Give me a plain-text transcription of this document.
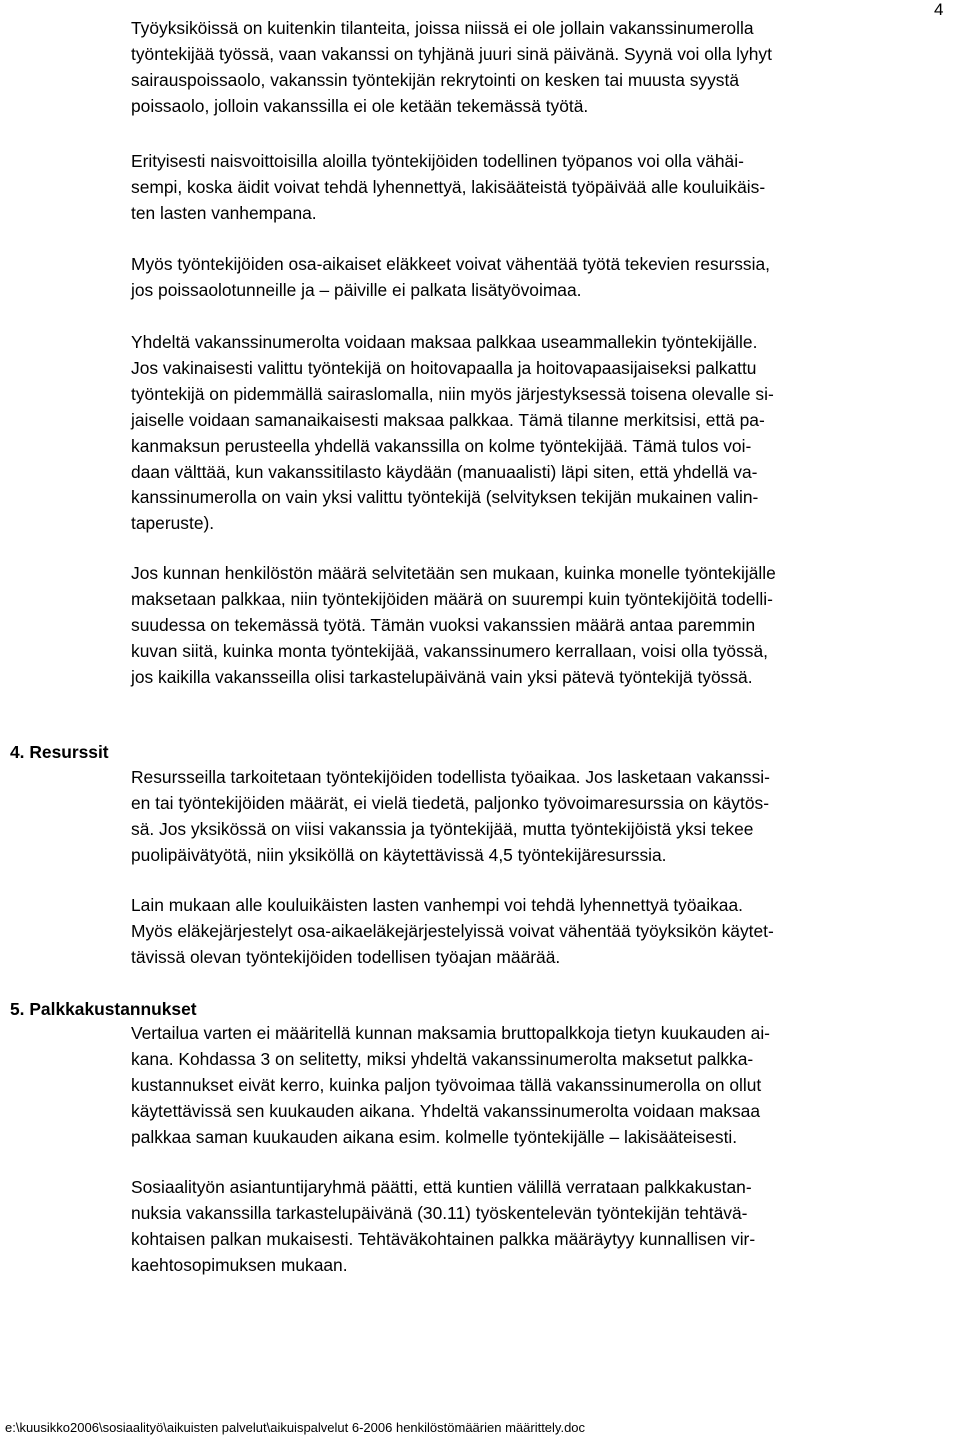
4
Työyksiköissä on kuitenkin tilanteita, joissa niissä ei ole jollain vakanssinumerolla
työntekijää työssä, vaan vakanssi on tyhjänä juuri sinä päivänä. Syynä voi olla lyhyt
sairauspoissaolo, vakanssin työntekijän rekrytointi on kesken tai muusta syystä
poissaolo, jolloin vakanssilla ei ole ketään tekemässä työtä.
Erityisesti naisvoittoisilla aloilla työntekijöiden todellinen työpanos voi olla vähäi-
sempi, koska äidit voivat tehdä lyhennettyä, lakisääteistä työpäivää alle kouluikäis-
ten lasten vanhempana.
Myös työntekijöiden osa-aikaiset eläkkeet voivat vähentää työtä tekevien resurssia,
jos poissaolotunneille ja – päiville ei palkata lisätyövoimaa.
Yhdeltä vakanssinumerolta voidaan maksaa palkkaa useammallekin työntekijälle.
Jos vakinaisesti valittu työntekijä on hoitovapaalla ja hoitovapaasijaiseksi palkattu
työntekijä on pidemmällä sairaslomalla, niin myös järjestyksessä toisena olevalle si-
jaiselle voidaan samanaikaisesti maksaa palkkaa. Tämä tilanne merkitsisi, että pa-
kanmaksun perusteella yhdellä vakanssilla on kolme työntekijää. Tämä tulos voi-
daan välttää, kun vakanssitilasto käydään (manuaalisti) läpi siten, että yhdellä va-
kanssinumerolla on vain yksi valittu työntekijä (selvityksen tekijän mukainen valin-
taperuste).
Jos kunnan henkilöstön määrä selvitetään sen mukaan, kuinka monelle työntekijälle
maksetaan palkkaa, niin työntekijöiden määrä on suurempi kuin työntekijöitä todelli-
suudessa on tekemässä työtä. Tämän vuoksi vakanssien määrä antaa paremmin
kuvan siitä, kuinka monta työntekijää, vakanssinumero kerrallaan, voisi olla työssä,
jos kaikilla vakansseilla olisi tarkastelupäivänä vain yksi pätevä työntekijä työssä.
4. Resurssit
Resursseilla tarkoitetaan työntekijöiden todellista työaikaa. Jos lasketaan vakanssi-
en tai työntekijöiden määrät, ei vielä tiedetä, paljonko työvoimaresurssia on käytös-
sä. Jos yksikössä on viisi vakanssia ja työntekijää, mutta työntekijöistä yksi tekee
puolipäivätyötä, niin yksiköllä on käytettävissä 4,5 työntekijäresurssia.
Lain mukaan alle kouluikäisten lasten vanhempi voi tehdä lyhennettyä työaikaa.
Myös eläkejärjestelyt osa-aikaeläkejärjestelyissä voivat vähentää työyksikön käytet-
tävissä olevan työntekijöiden todellisen työajan määrää.
5. Palkkakustannukset
Vertailua varten ei määritellä kunnan maksamia bruttopalkkoja tietyn kuukauden ai-
kana. Kohdassa 3 on selitetty, miksi yhdeltä vakanssinumerolta maksetut palkka-
kustannukset eivät kerro, kuinka paljon työvoimaa tällä vakanssinumerolla on ollut
käytettävissä sen kuukauden aikana. Yhdeltä vakanssinumerolta voidaan maksaa
palkkaa saman kuukauden aikana esim. kolmelle työntekijälle – lakisääteisesti.
Sosiaalityön asiantuntijaryhmä päätti, että kuntien välillä verrataan palkkakustan-
nuksia vakanssilla tarkastelupäivänä (30.11) työskentelevän työntekijän tehtävä-
kohtaisen palkan mukaisesti. Tehtäväkohtainen palkka määräytyy kunnallisen vir-
kaehtosopimuksen mukaan.
e:\kuusikko2006\sosiaalityö\aikuisten palvelut\aikuispalvelut 6-2006 henkilöstömäärien määrittely.doc
